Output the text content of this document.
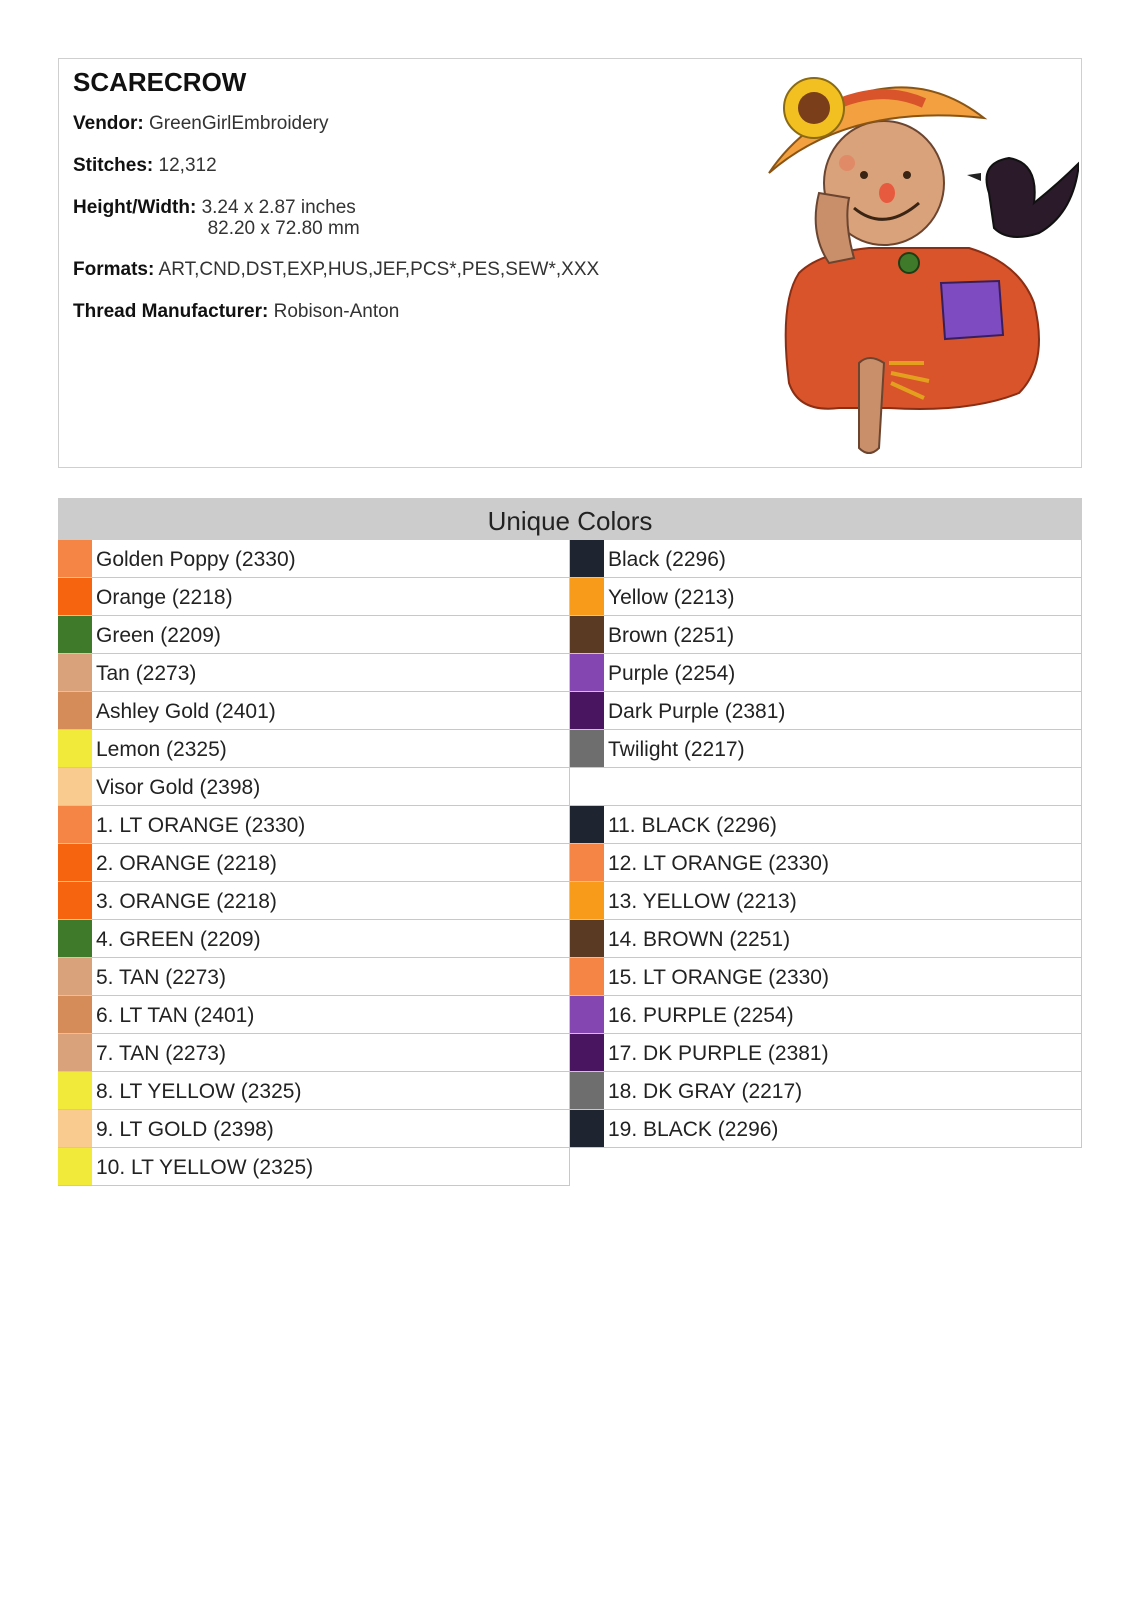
SCARECROW
Vendor: GreenGirlEmbroidery
Stitches: 12,312
Height/Width: 3.24 x 2.87 inches
82.20 x 72.80 mm
Formats: ART,CND,DST,EXP,HUS,JEF,PCS*,PES,SEW*,XXX
Thread Manufacturer: Robison-Anton
Unique Colors
Golden Poppy (2330)
Orange (2218)
Green (2209)
Tan (2273)
Ashley Gold (2401)
Lemon (2325)
Visor Gold (2398)
1. LT ORANGE (2330)
2. ORANGE (2218)
3. ORANGE (2218)
4. GREEN (2209)
5. TAN (2273)
6. LT TAN (2401)
7. TAN (2273)
8. LT YELLOW (2325)
9. LT GOLD (2398)
10. LT YELLOW (2325)
Black (2296)
Yellow (2213)
Brown (2251)
Purple (2254)
Dark Purple (2381)
Twilight (2217)
11. BLACK (2296)
12. LT ORANGE (2330)
13. YELLOW (2213)
14. BROWN (2251)
15. LT ORANGE (2330)
16. PURPLE (2254)
17. DK PURPLE (2381)
18. DK GRAY (2217)
19. BLACK (2296)
